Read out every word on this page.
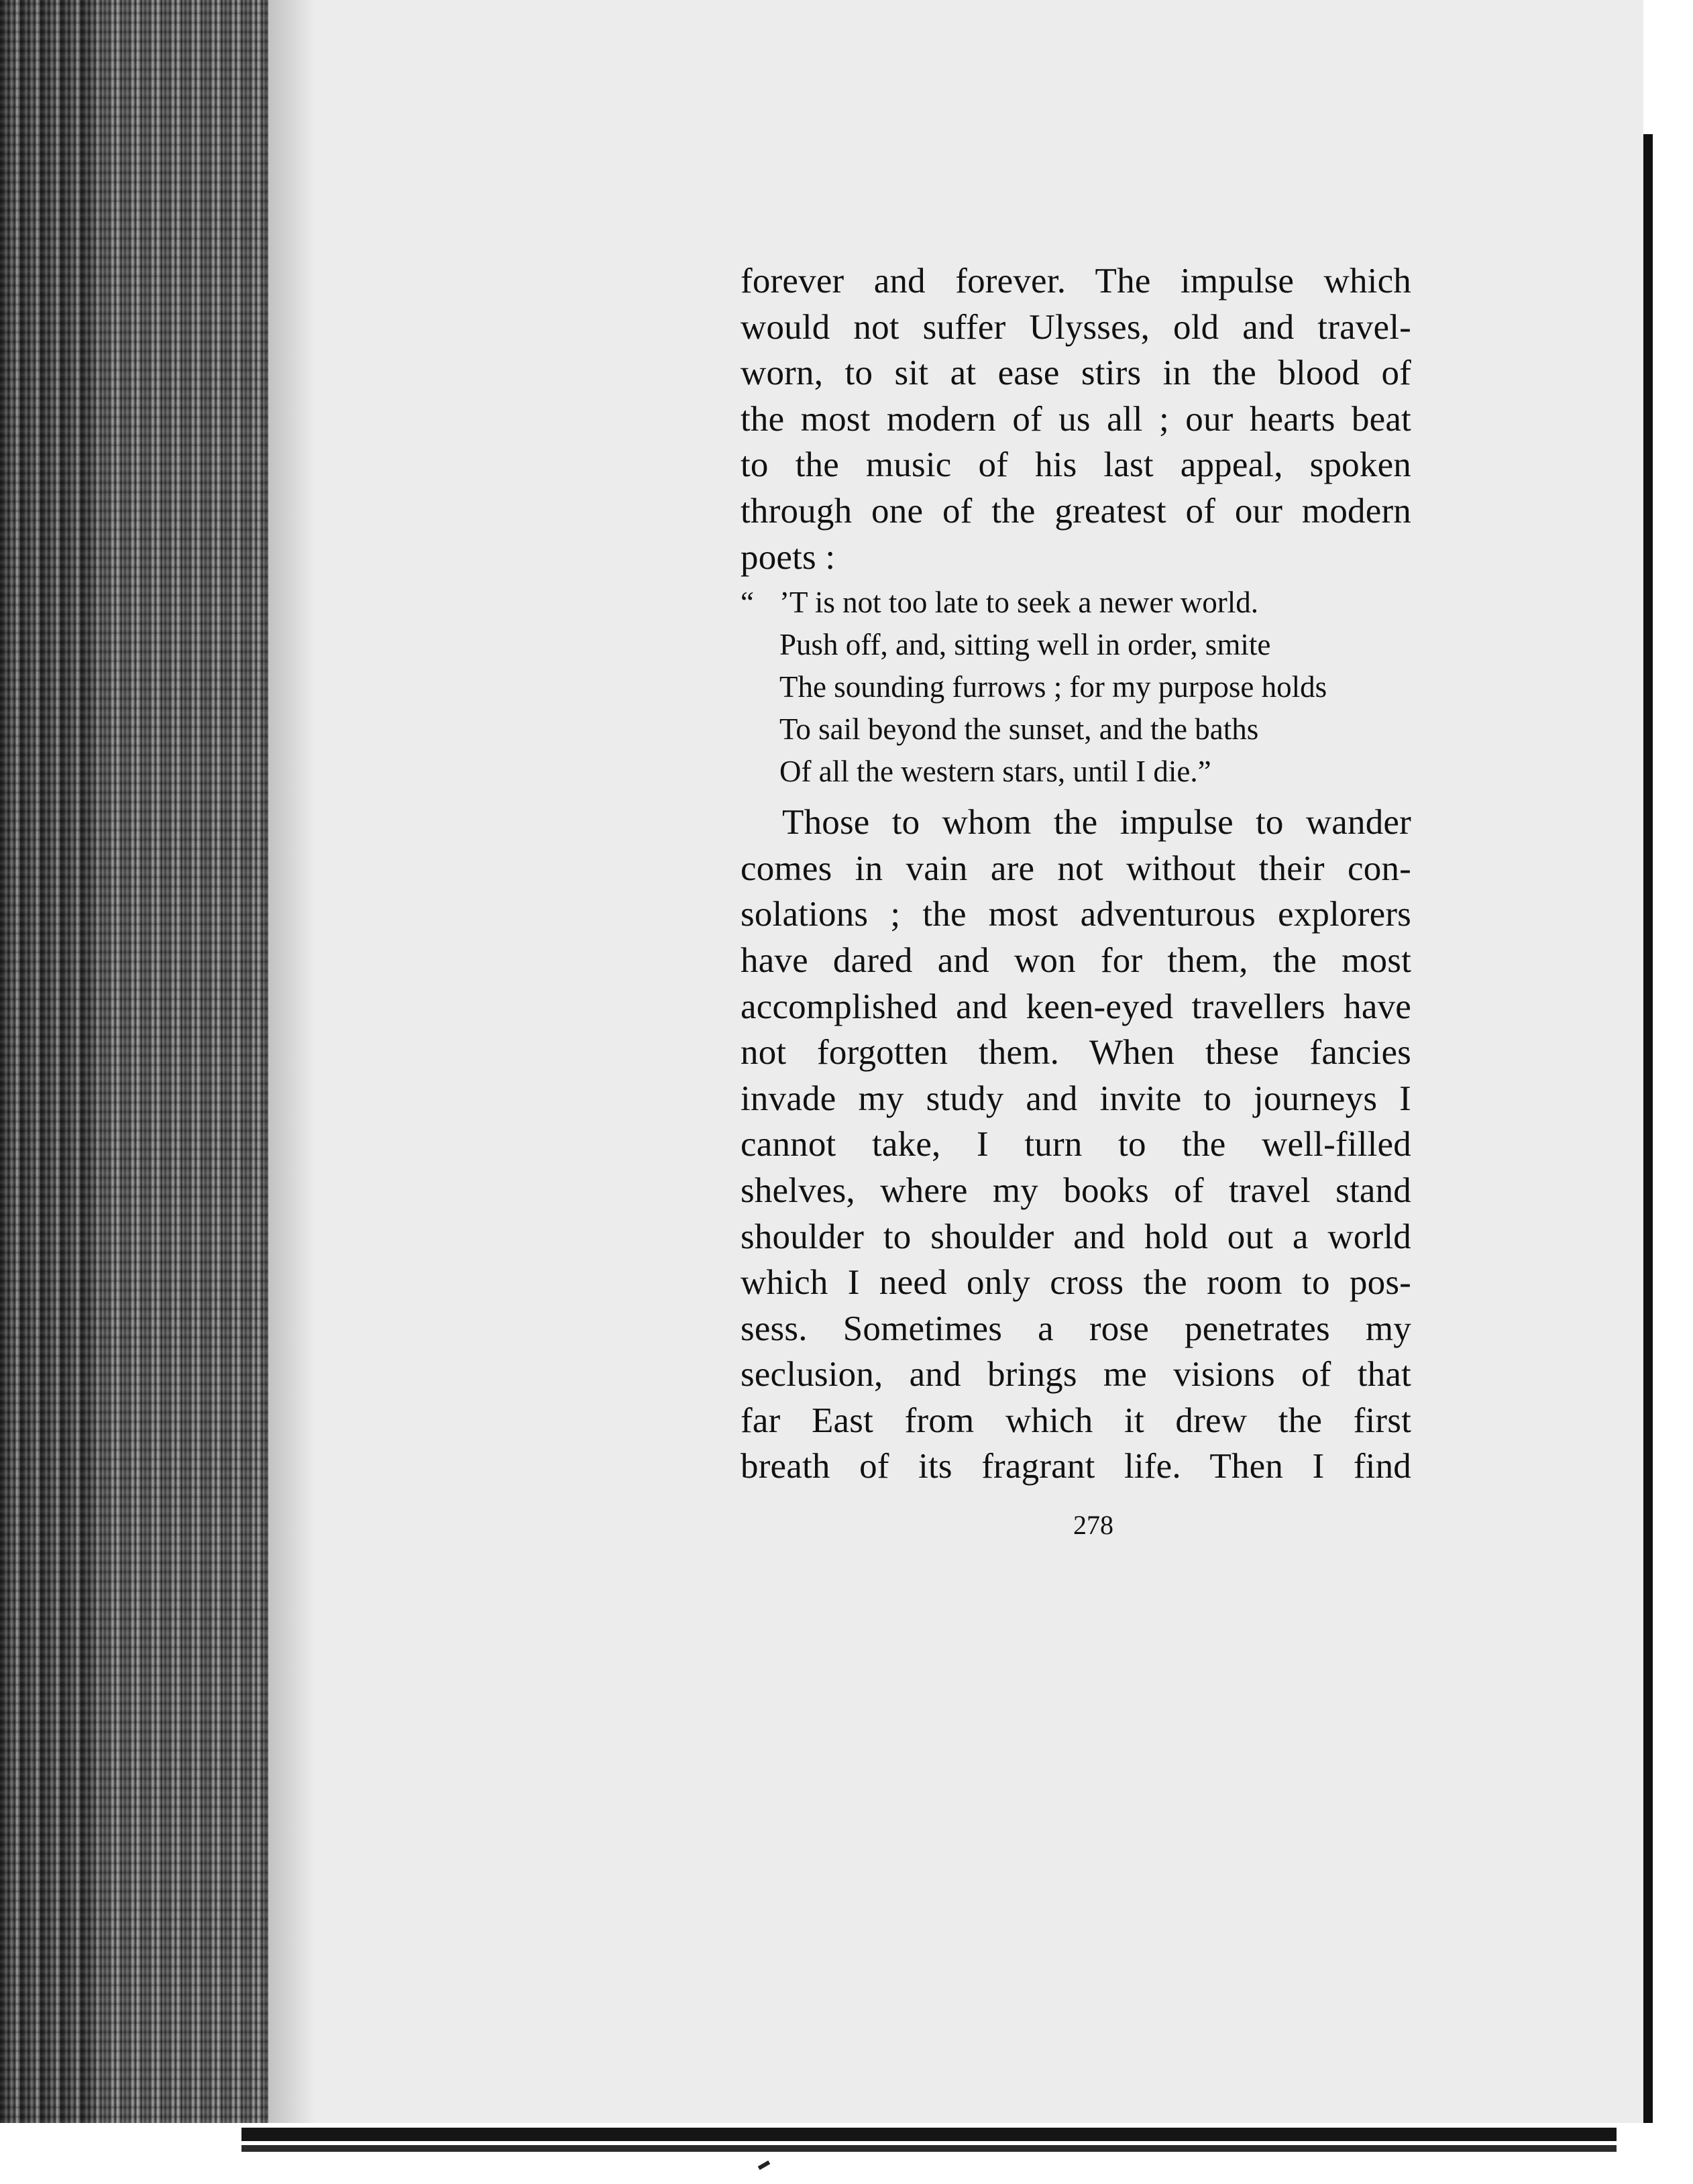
forever and forever. The impulse which
would not suffer Ulysses, old and travel-
worn, to sit at ease stirs in the blood of
the most modern of us all ; our hearts beat
to the music of his last appeal, spoken
through one of the greatest of our modern
poets :
“ ’T is not too late to seek a newer world.
Push off, and, sitting well in order, smite
The sounding furrows ; for my purpose holds
To sail beyond the sunset, and the baths
Of all the western stars, until I die.”
Those to whom the impulse to wander
comes in vain are not without their con-
solations ; the most adventurous explorers
have dared and won for them, the most
accomplished and keen-eyed travellers have
not forgotten them. When these fancies
invade my study and invite to journeys I
cannot take, I turn to the well-filled
shelves, where my books of travel stand
shoulder to shoulder and hold out a world
which I need only cross the room to pos-
sess. Sometimes a rose penetrates my
seclusion, and brings me visions of that
far East from which it drew the first
breath of its fragrant life. Then I find
278
